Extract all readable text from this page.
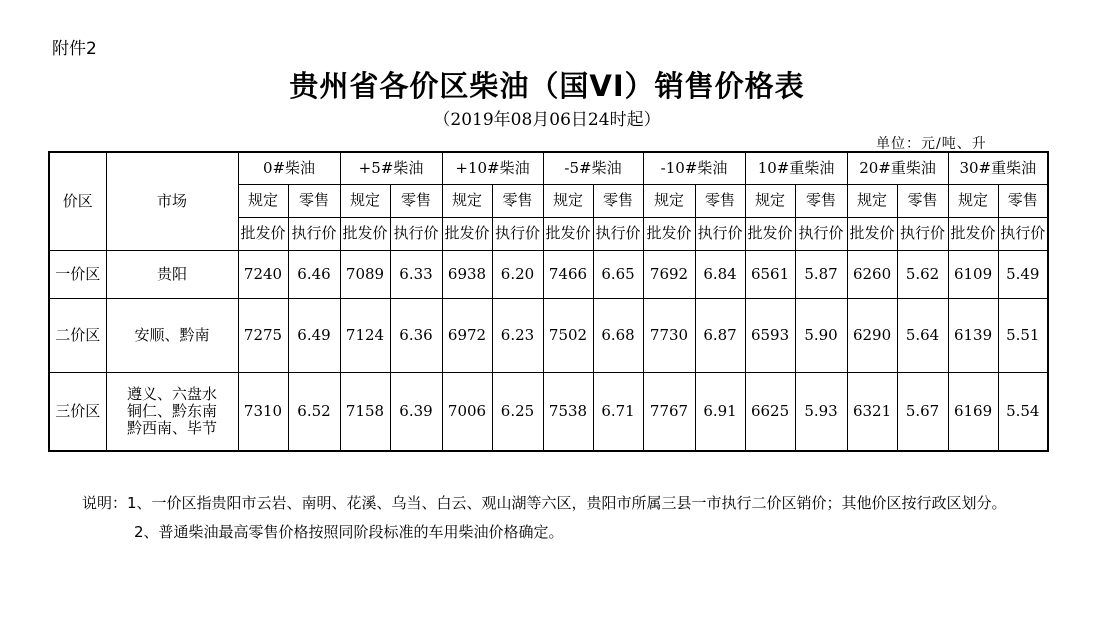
附件2
贵州省各价区柴油（国VI）销售价格表
（2019年08月06日24时起）
单位：元/吨、升
价区	市场	0#柴油		+5#柴油		+10#柴油		-5#柴油		-10#柴油		10#重柴油		20#重柴油		30#重柴油	
		规定	零售	规定	零售	规定	零售	规定	零售	规定	零售	规定	零售	规定	零售	规定	零售
		批发价	执行价	批发价	执行价	批发价	执行价	批发价	执行价	批发价	执行价	批发价	执行价	批发价	执行价	批发价	执行价
一价区	贵阳	7240	6.46	7089	6.33	6938	6.20	7466	6.65	7692	6.84	6561	5.87	6260	5.62	6109	5.49
二价区	安顺、黔南	7275	6.49	7124	6.36	6972	6.23	7502	6.68	7730	6.87	6593	5.90	6290	5.64	6139	5.51
三价区	遵义、六盘水
铜仁、黔东南
黔西南、毕节	7310	6.52	7158	6.39	7006	6.25	7538	6.71	7767	6.91	6625	5.93	6321	5.67	6169	5.54

说明：1、一价区指贵阳市云岩、南明、花溪、乌当、白云、观山湖等六区，贵阳市所属三县一市执行二价区销价；其他价区按行政区划分。

2、普通柴油最高零售价格按照同阶段标准的车用柴油价格确定。
